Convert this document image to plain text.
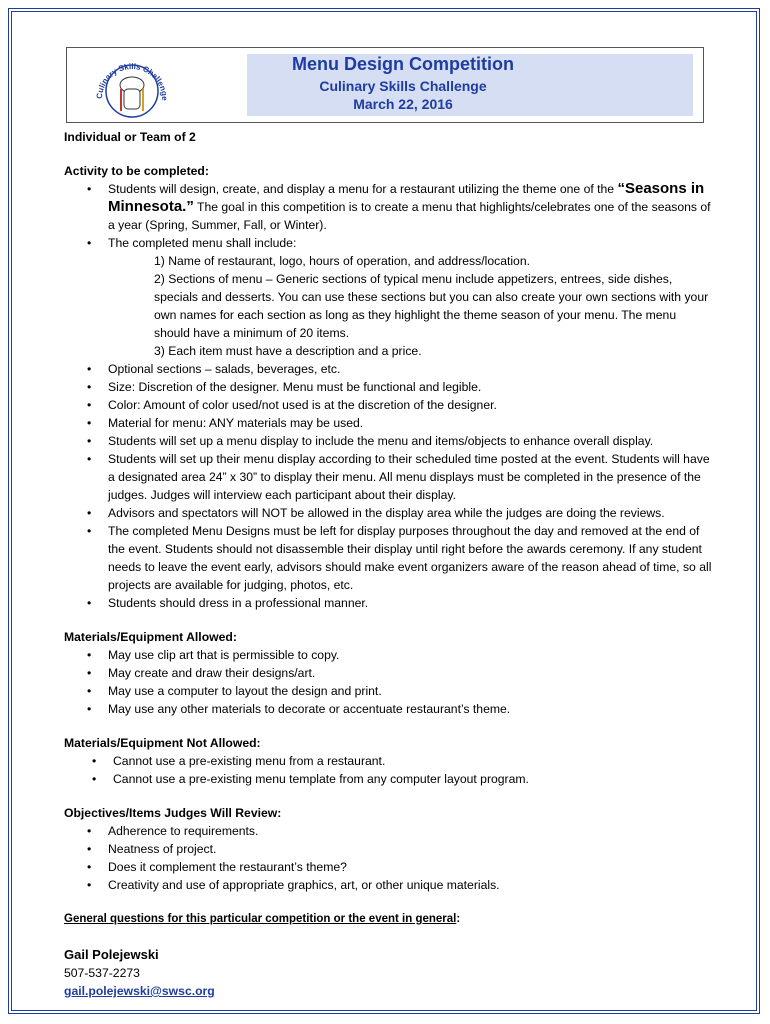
Culinary Skills Challenge
Menu Design Competition
Culinary Skills Challenge
March 22, 2016

Individual or Team of 2

Activity to be completed:

• Students will design, create, and display a menu for a restaurant utilizing the theme one of the “Seasons in Minnesota.” The goal in this competition is to create a menu that highlights/celebrates one of the seasons of a year (Spring, Summer, Fall, or Winter).
• The completed menu shall include:
1) Name of restaurant, logo, hours of operation, and address/location.
2) Sections of menu – Generic sections of typical menu include appetizers, entrees, side dishes, specials and desserts. You can use these sections but you can also create your own sections with your own names for each section as long as they highlight the theme season of your menu. The menu should have a minimum of 20 items.
3) Each item must have a description and a price.
• Optional sections – salads, beverages, etc.
• Size: Discretion of the designer. Menu must be functional and legible.
• Color: Amount of color used/not used is at the discretion of the designer.
• Material for menu: ANY materials may be used.
• Students will set up a menu display to include the menu and items/objects to enhance overall display.
• Students will set up their menu display according to their scheduled time posted at the event. Students will have a designated area 24” x 30” to display their menu. All menu displays must be completed in the presence of the judges. Judges will interview each participant about their display.
• Advisors and spectators will NOT be allowed in the display area while the judges are doing the reviews.
• The completed Menu Designs must be left for display purposes throughout the day and removed at the end of the event. Students should not disassemble their display until right before the awards ceremony. If any student needs to leave the event early, advisors should make event organizers aware of the reason ahead of time, so all projects are available for judging, photos, etc.
• Students should dress in a professional manner.

Materials/Equipment Allowed:

• May use clip art that is permissible to copy.
• May create and draw their designs/art.
• May use a computer to layout the design and print.
• May use any other materials to decorate or accentuate restaurant’s theme.

Materials/Equipment Not Allowed:

• Cannot use a pre-existing menu from a restaurant.
• Cannot use a pre-existing menu template from any computer layout program.

Objectives/Items Judges Will Review:

• Adherence to requirements.
• Neatness of project.
• Does it complement the restaurant’s theme?
• Creativity and use of appropriate graphics, art, or other unique materials.

General questions for this particular competition or the event in general:

Gail Polejewski
507-537-2273
gail.polejewski@swsc.org
